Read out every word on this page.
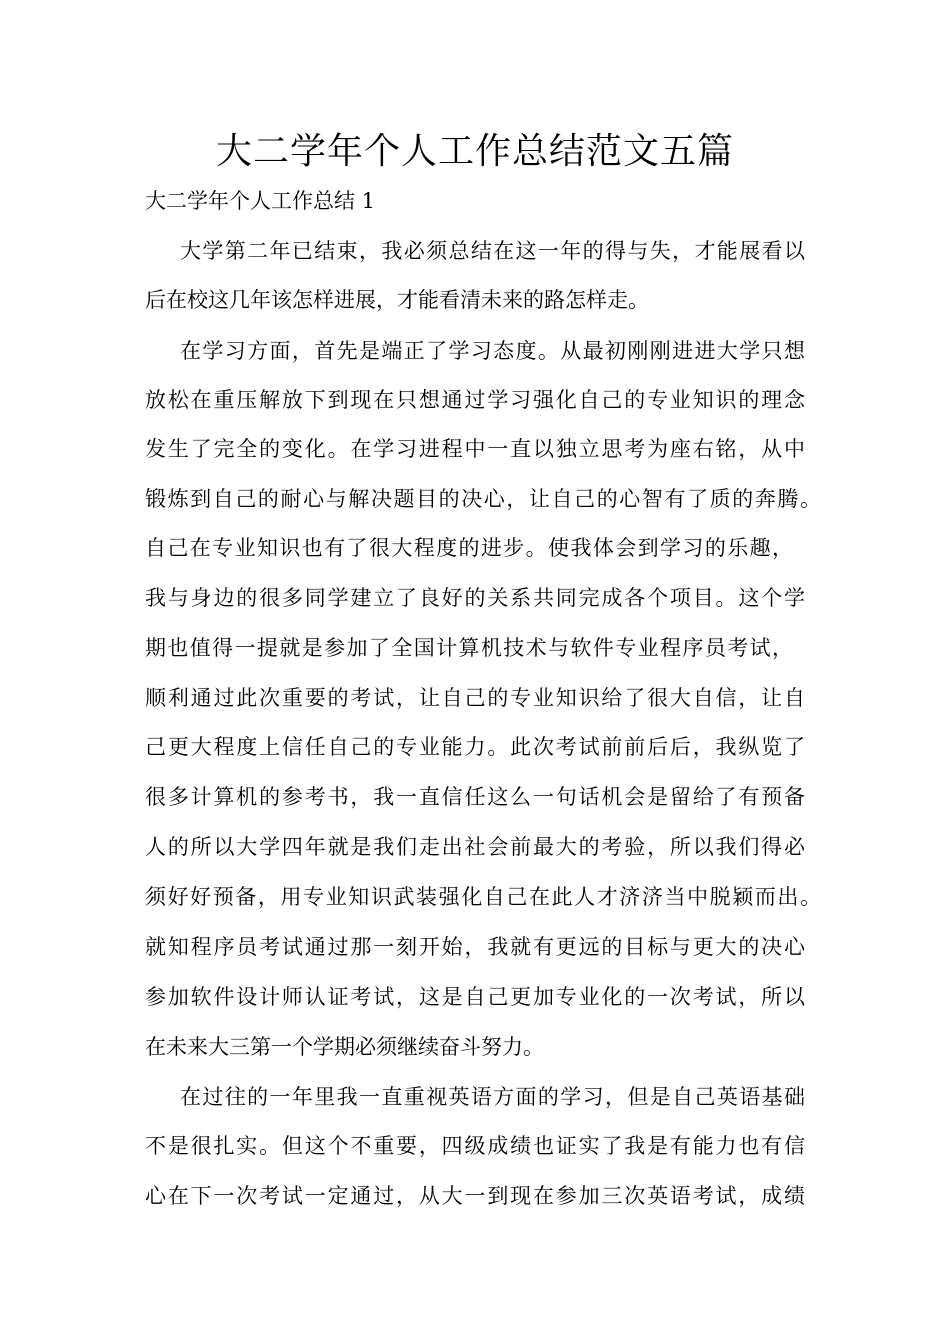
大二学年个人工作总结范文五篇
大二学年个人工作总结 1
大学第二年已结束，我必须总结在这一年的得与失，才能展看以
后在校这几年该怎样进展，才能看清未来的路怎样走。
在学习方面，首先是端正了学习态度。从最初刚刚进进大学只想
放松在重压解放下到现在只想通过学习强化自己的专业知识的理念
发生了完全的变化。在学习进程中一直以独立思考为座右铭，从中
锻炼到自己的耐心与解决题目的决心，让自己的心智有了质的奔腾。
自己在专业知识也有了很大程度的进步。使我体会到学习的乐趣，
我与身边的很多同学建立了良好的关系共同完成各个项目。这个学
期也值得一提就是参加了全国计算机技术与软件专业程序员考试，
顺利通过此次重要的考试，让自己的专业知识给了很大自信，让自
己更大程度上信任自己的专业能力。此次考试前前后后，我纵览了
很多计算机的参考书，我一直信任这么一句话机会是留给了有预备
人的所以大学四年就是我们走出社会前最大的考验，所以我们得必
须好好预备，用专业知识武装强化自己在此人才济济当中脱颖而出。
就知程序员考试通过那一刻开始，我就有更远的目标与更大的决心
参加软件设计师认证考试，这是自己更加专业化的一次考试，所以
在未来大三第一个学期必须继续奋斗努力。
在过往的一年里我一直重视英语方面的学习，但是自己英语基础
不是很扎实。但这个不重要，四级成绩也证实了我是有能力也有信
心在下一次考试一定通过，从大一到现在参加三次英语考试，成绩
